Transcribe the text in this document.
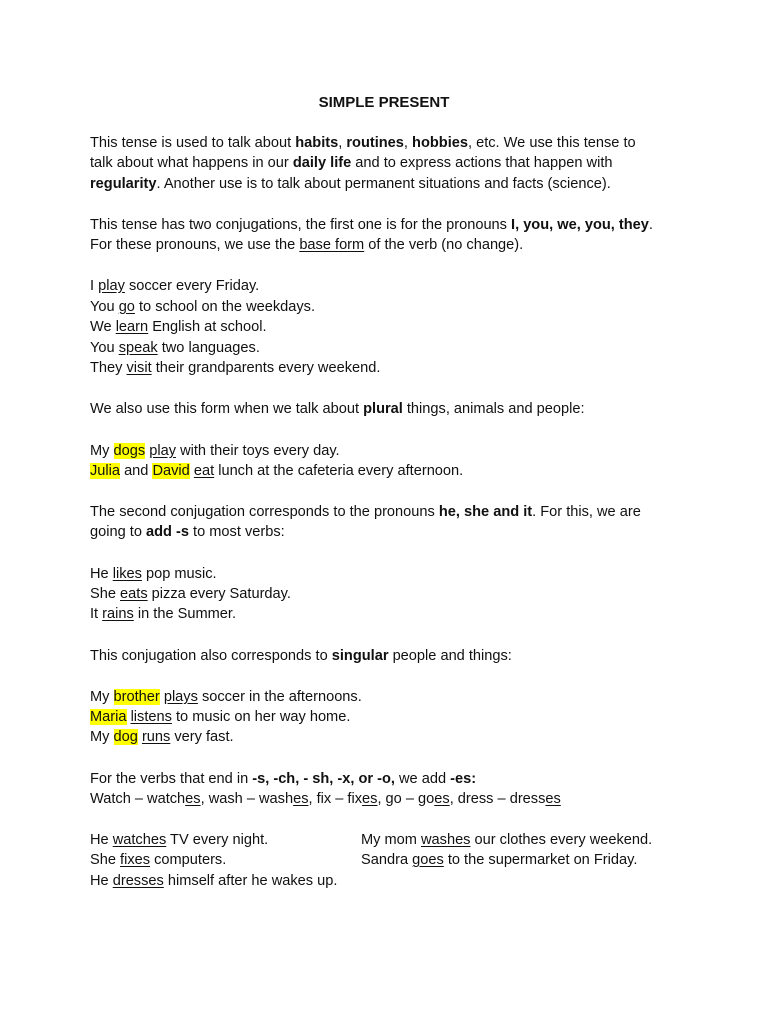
SIMPLE PRESENT
This tense is used to talk about habits, routines, hobbies, etc. We use this tense to
talk about what happens in our daily life and to express actions that happen with
regularity. Another use is to talk about permanent situations and facts (science).
This tense has two conjugations, the first one is for the pronouns I, you, we, you, they.
For these pronouns, we use the base form of the verb (no change).
I play soccer every Friday.
You go to school on the weekdays.
We learn English at school.
You speak two languages.
They visit their grandparents every weekend.
We also use this form when we talk about plural things, animals and people:
My dogs play with their toys every day.
Julia and David eat lunch at the cafeteria every afternoon.
The second conjugation corresponds to the pronouns he, she and it. For this, we are
going to add -s to most verbs:
He likes pop music.
She eats pizza every Saturday.
It rains in the Summer.
This conjugation also corresponds to singular people and things:
My brother plays soccer in the afternoons.
Maria listens to music on her way home.
My dog runs very fast.
For the verbs that end in -s, -ch, - sh, -x, or -o, we add -es:
Watch – watches, wash – washes, fix – fixes, go – goes, dress – dresses
He watches TV every night.
She fixes computers.
He dresses himself after he wakes up.
My mom washes our clothes every weekend.
Sandra goes to the supermarket on Friday.
